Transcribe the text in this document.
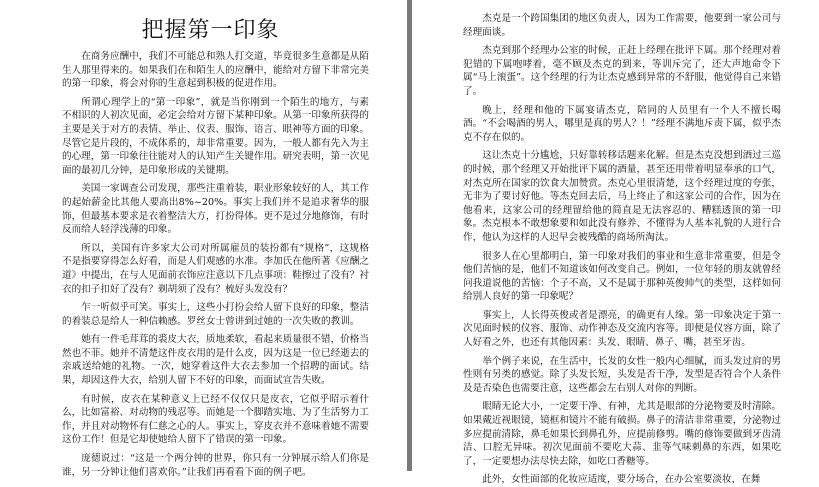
把握第一印象

在商务应酬中，我们不可能总和熟人打交道，毕竟很多生意都是从陌生人那里得来的。如果我们在和陌生人的应酬中，能给对方留下非常完美的第一印象，将会对你的生意起到积极的促进作用。

所谓心理学上的“第一印象”，就是当你刚到一个陌生的地方，与素不相识的人初次见面，必定会给对方留下某种印象。从第一印象所获得的主要是关于对方的表情、举止、仪表、服饰、语言、眼神等方面的印象。尽管它是片段的，不成体系的，却非常重要。因为，一般人都有先入为主的心理，第一印象往往能对人的认知产生关键作用。研究表明，第一次见面的最初几分钟，是印象形成的关键期。

美国一家调查公司发现，那些注重着装，职业形象较好的人，其工作的起始薪金比其他人要高出8%~20%。事实上我们并不是追求奢华的服饰，但最基本要求是衣着整洁大方，打扮得体。更不是过分地修饰，有时反而给人轻浮浅薄的印象。

所以，美国有许多家大公司对所属雇员的装扮都有“规格”，这规格不是指要穿得怎么好看，而是人们观感的水准。李加氏在他所著《应酬之道》中提出，在与人见面前衣饰应注意以下几点事项：鞋擦过了没有？衬衣的扣子扣好了没有？剃胡须了没有？梳好头发没有？

乍一听似乎可笑。事实上，这些小打扮会给人留下良好的印象，整洁的着装总是给人一种信赖感。罗丝女士曾讲到过她的一次失败的教训。

她有一件毛茸茸的裘皮大衣，质地柔软，看起来质量很不错，价格当然也不菲。她并不清楚这件皮衣用的是什么皮，因为这是一位已经逝去的亲戚送给她的礼物。一次，她穿着这件大衣去参加一个招聘的面试。结果，却因这件大衣，给别人留下不好的印象，而面试宣告失败。

有时候，皮衣在某种意义上已经不仅仅只是皮衣，它似乎昭示着什么，比如富裕、对动物的残忍等。而她是一个脚踏实地、为了生活努力工作，并且对动物怀有仁慈之心的人。事实上，穿皮衣并不意味着她不需要这份工作！但是它却使她给人留下了错误的第一印象。

庞德说过：“这是一个两分钟的世界，你只有一分钟展示给人们你是谁，另一分钟让他们喜欢你。”让我们再看看下面的例子吧。

杰克是一个跨国集团的地区负责人，因为工作需要，他要到一家公司与经理面谈。

杰克到那个经理办公室的时候，正赶上经理在批评下属。那个经理对着犯错的下属咆哮着，毫不顾及杰克的到来，等训斥完了，还大声地命令下属“马上滚蛋”。这个经理的行为让杰克感到异常的不舒服，他觉得自己来错了。

晚上，经理和他的下属宴请杰克，陪同的人员里有一个人不擅长喝酒。“不会喝酒的男人，哪里是真的男人？！”经理不满地斥责下属，似乎杰克不存在似的。

这让杰克十分尴尬，只好靠转移话题来化解。但是杰克没想到酒过三巡的时候，那个经理又开始批评下属的酒量，甚至还用带着明显奉承的口气，对杰克所在国家的饮食大加赞赏。杰克心里很清楚，这个经理过度的夸张，无非为了要讨好他。等杰克回去后，马上终止了和这家公司的合作，因为在他看来，这家公司的经理留给他的简直是无法容忍的、糟糕透顶的第一印象。杰克根本不敢想象要和如此没有修养、不懂得为人基本礼貌的人进行合作，他认为这样的人迟早会被残酷的商场所淘汰。

很多人在心里都明白，第一印象对我们的事业和生意非常重要，但是令他们苦恼的是，他们不知道该如何改变自己。例如，一位年轻的朋友就曾经问我道说他的苦恼：个子不高，又不是属于那种英俊帅气的类型，这样如何给别人良好的第一印象呢？

事实上，人长得英俊或者是漂亮，的确更有人缘。第一印象决定于第一次见面时候的仪容、服饰、动作神态及交流内容等。即便是仪容方面，除了人好看之外，也还有其他因素：头发、眼睛、鼻子、嘴，甚至牙齿。

举个例子来说，在生活中，长发的女性一般内心细腻，而头发过肩的男性则有另类的感觉。除了头发长短，头发是否干净，发型是否符合个人条件及是否染色也需要注意，这些都会左右别人对你的判断。

眼睛无论大小，一定要干净、有神，尤其是眼部的分泌物要及时清除。如果戴近视眼镜，镜框和镜片不能有破损。鼻子的清洁非常重要，分泌物过多应提前清除，鼻毛如果长到鼻孔外，应提前修剪。嘴的修饰要做到牙齿清洁、口腔无异味。初次见面前不要吃大蒜、韭等气味刺鼻的东西，如果吃了，一定要想办法尽快去除，如吃口香糖等。

此外，女性面部的化妆应适度，要分场合，在办公室要淡妆，在舞
